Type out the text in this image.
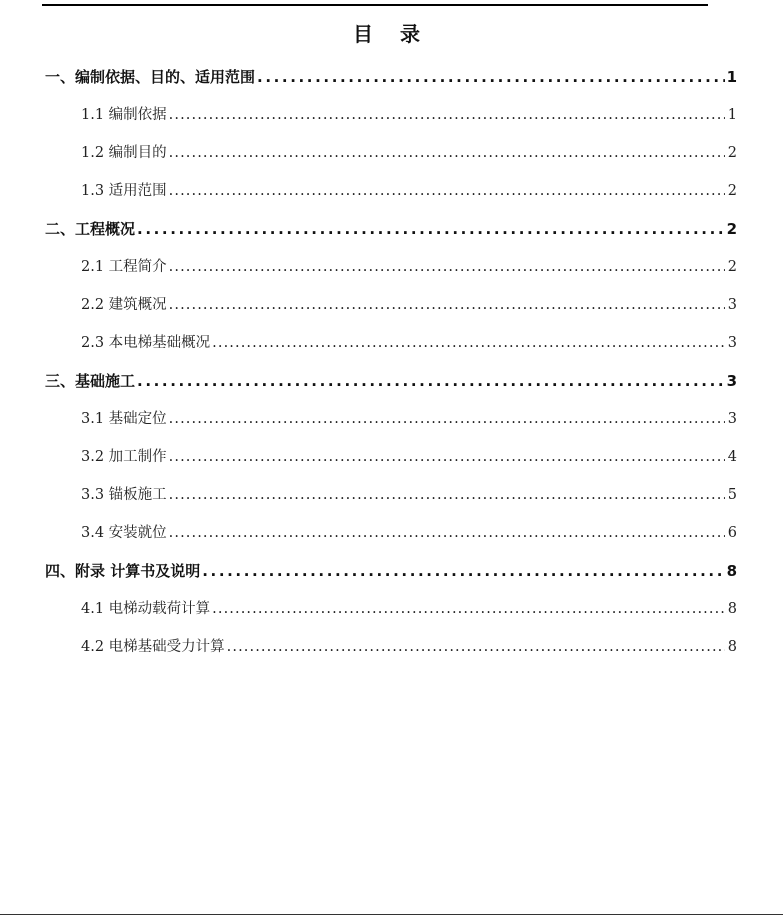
目 录
一、编制依据、目的、适用范围 .....	1
1.1 编制依据 .....	1
1.2 编制目的 .....	2
1.3 适用范围 .....	2
二、工程概况 .....	2
2.1 工程简介 .....	2
2.2 建筑概况 .....	3
2.3 本电梯基础概况 .....	3
三、基础施工 .....	3
3.1 基础定位 .....	3
3.2 加工制作 .....	4
3.3 锚板施工 .....	5
3.4 安装就位 .....	6
四、附录 计算书及说明 .....	8
4.1 电梯动载荷计算 .....	8
4.2 电梯基础受力计算 .....	8
